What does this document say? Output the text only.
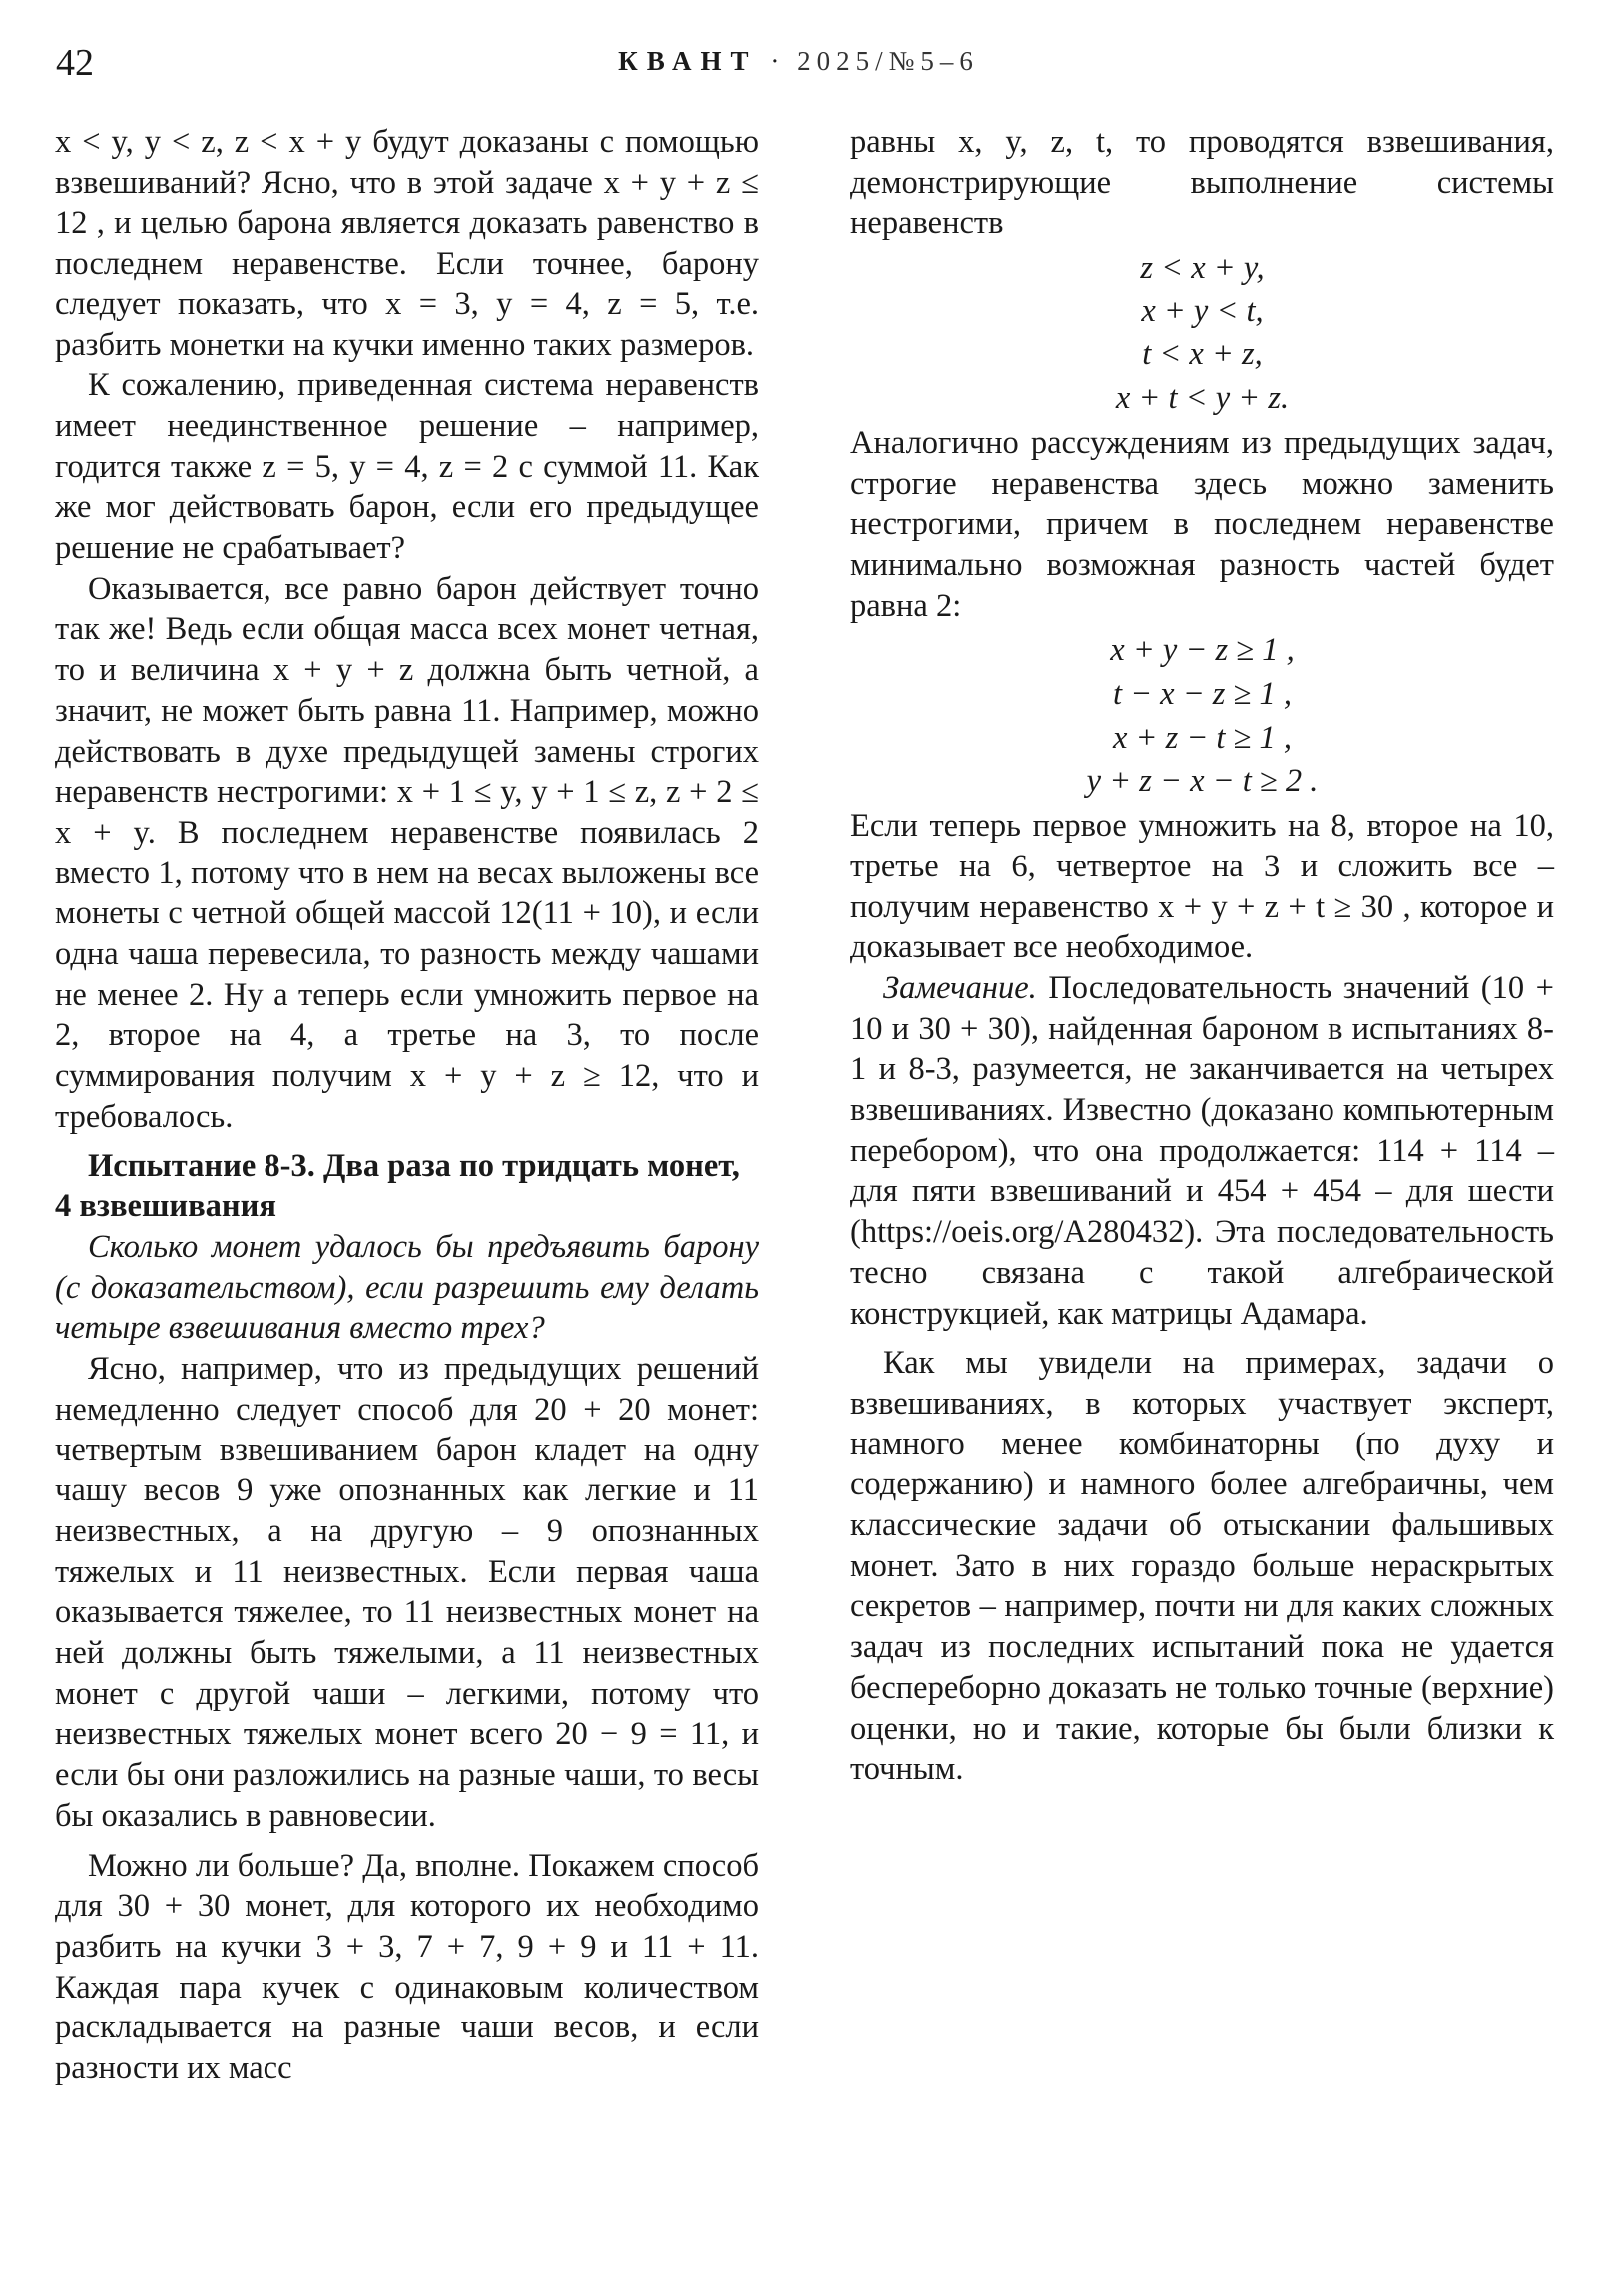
42	КВАНТ · 2025/№5–6

x < y, y < z, z < x + y будут доказаны с помощью взвешиваний? Ясно, что в этой задаче x + y + z ≤ 12 , и целью барона является доказать равенство в последнем неравенстве. Если точнее, барону следует показать, что x = 3, y = 4, z = 5, т.е. разбить монетки на кучки именно таких размеров.

К сожалению, приведенная система неравенств имеет неединственное решение – например, годится также z = 5, y = 4, z = 2 с суммой 11. Как же мог действовать барон, если его предыдущее решение не срабатывает?

Оказывается, все равно барон действует точно так же! Ведь если общая масса всех монет четная, то и величина x + y + z должна быть четной, а значит, не может быть равна 11. Например, можно действовать в духе предыдущей замены строгих неравенств нестрогими: x + 1 ≤ y, y + 1 ≤ z, z + 2 ≤ x + y. В последнем неравенстве появилась 2 вместо 1, потому что в нем на весах выложены все монеты с четной общей массой 12(11 + 10), и если одна чаша перевесила, то разность между чашами не менее 2. Ну а теперь если умножить первое на 2, второе на 4, а третье на 3, то после суммирования получим x + y + z ≥ 12, что и требовалось.

Испытание 8-3. Два раза по тридцать монет, 4 взвешивания

Сколько монет удалось бы предъявить барону (с доказательством), если разрешить ему делать четыре взвешивания вместо трех?

Ясно, например, что из предыдущих решений немедленно следует способ для 20 + 20 монет: четвертым взвешиванием барон кладет на одну чашу весов 9 уже опознанных как легкие и 11 неизвестных, а на другую – 9 опознанных тяжелых и 11 неизвестных. Если первая чаша оказывается тяжелее, то 11 неизвестных монет на ней должны быть тяжелыми, а 11 неизвестных монет с другой чаши – легкими, потому что неизвестных тяжелых монет всего 20 − 9 = 11, и если бы они разложились на разные чаши, то весы бы оказались в равновесии.

Можно ли больше? Да, вполне. Покажем способ для 30 + 30 монет, для которого их необходимо разбить на кучки 3 + 3, 7 + 7, 9 + 9 и 11 + 11. Каждая пара кучек с одинаковым количеством раскладывается на разные чаши весов, и если разности их масс

равны x, y, z, t, то проводятся взвешивания, демонстрирующие выполнение системы неравенств

z < x + y,
x + y < t,
t < x + z,
x + t < y + z.

Аналогично рассуждениям из предыдущих задач, строгие неравенства здесь можно заменить нестрогими, причем в последнем неравенстве минимально возможная разность частей будет равна 2:

x + y − z ≥ 1 ,
t − x − z ≥ 1 ,
x + z − t ≥ 1 ,
y + z − x − t ≥ 2 .

Если теперь первое умножить на 8, второе на 10, третье на 6, четвертое на 3 и сложить все – получим неравенство x + y + z + t ≥ 30 , которое и доказывает все необходимое.

Замечание. Последовательность значений (10 + 10 и 30 + 30), найденная бароном в испытаниях 8-1 и 8-3, разумеется, не заканчивается на четырех взвешиваниях. Известно (доказано компьютерным перебором), что она продолжается: 114 + 114 – для пяти взвешиваний и 454 + 454 – для шести (https://oeis.org/A280432). Эта последовательность тесно связана с такой алгебраической конструкцией, как матрицы Адамара.

Как мы увидели на примерах, задачи о взвешиваниях, в которых участвует эксперт, намного менее комбинаторны (по духу и содержанию) и намного более алгебраичны, чем классические задачи об отыскании фальшивых монет. Зато в них гораздо больше нераскрытых секретов – например, почти ни для каких сложных задач из последних испытаний пока не удается беспереборно доказать не только точные (верхние) оценки, но и такие, которые бы были близки к точным.
